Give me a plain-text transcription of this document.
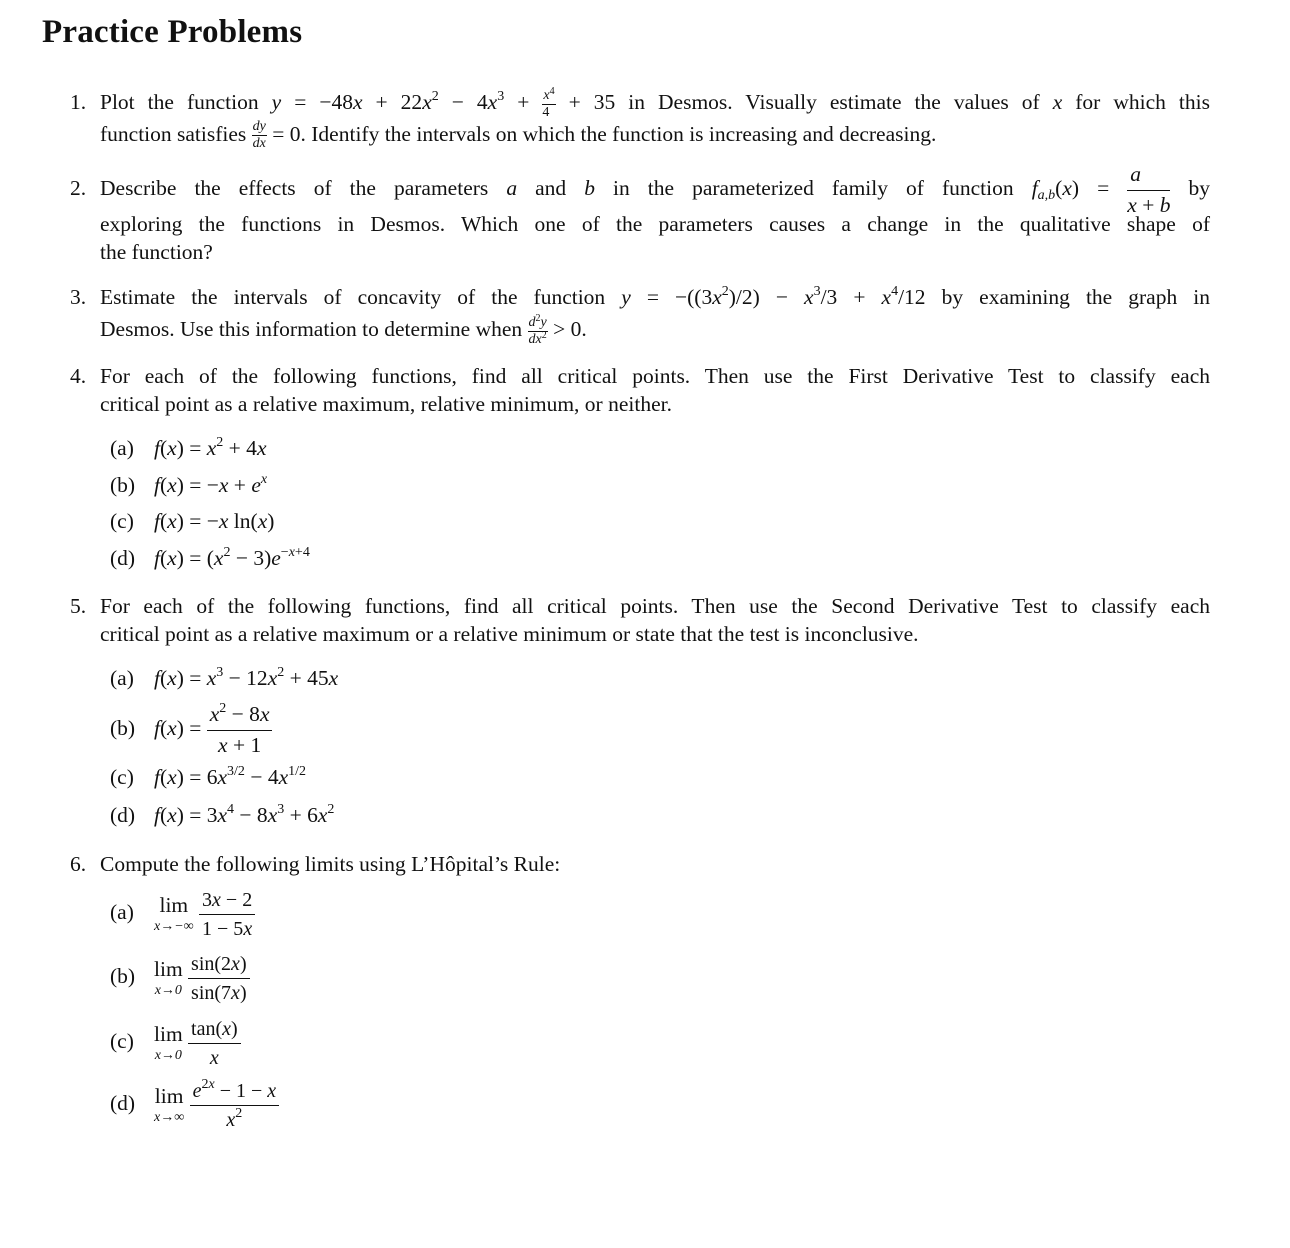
Practice Problems
1. Plot the function $y = -48x + 22x^2 - 4x^3 + \frac{x^4}{4} + 35$ in Desmos. Visually estimate the values of x for which this
function satisfies $\frac{dy}{dx} = 0$. Identify the intervals on which the function is increasing and decreasing.
2. Describe the effects of the parameters a and b in the parameterized family of function $f_{a,b}(x) = \frac{a}{x + b}$ by
exploring the functions in Desmos. Which one of the parameters causes a change in the qualitative shape of
the function?
3. Estimate the intervals of concavity of the function $y = -((3x^2)/2) - x^3/3 + x^4/12$ by examining the graph in
Desmos. Use this information to determine when $\frac{d^2y}{dx^2} > 0$.
4. For each of the following functions, find all critical points. Then use the First Derivative Test to classify each
critical point as a relative maximum, relative minimum, or neither.
(a) $f(x) = x^2 + 4x$
(b) $f(x) = -x + e^x$
(c) f(x) = −x ln(x)
(d) $f(x) = (x^2 - 3)e^{-x+4}$
5. For each of the following functions, find all critical points. Then use the Second Derivative Test to classify each
critical point as a relative maximum or a relative minimum or state that the test is inconclusive.
(a) $f(x) = x^3 - 12x^2 + 45x$
(b) $f(x) = \frac{x^2 - 8x}{x + 1}$
(c) $f(x) = 6x^{3/2} - 4x^{1/2}$
(d) $f(x) = 3x^4 - 8x^3 + 6x^2$
6. Compute the following limits using L’Hôpital’s Rule:
(a) lim
x→−∞
$\frac{3x - 2}{1 - 5x}$
(b) lim
x→0
$\frac{\sin(2x)}{\sin(7x)}$
(c) lim
x→0
$\frac{\tan(x)}{x}$
(d) lim
x→∞
$\frac{e^{2x} - 1 - x}{x^2}$
